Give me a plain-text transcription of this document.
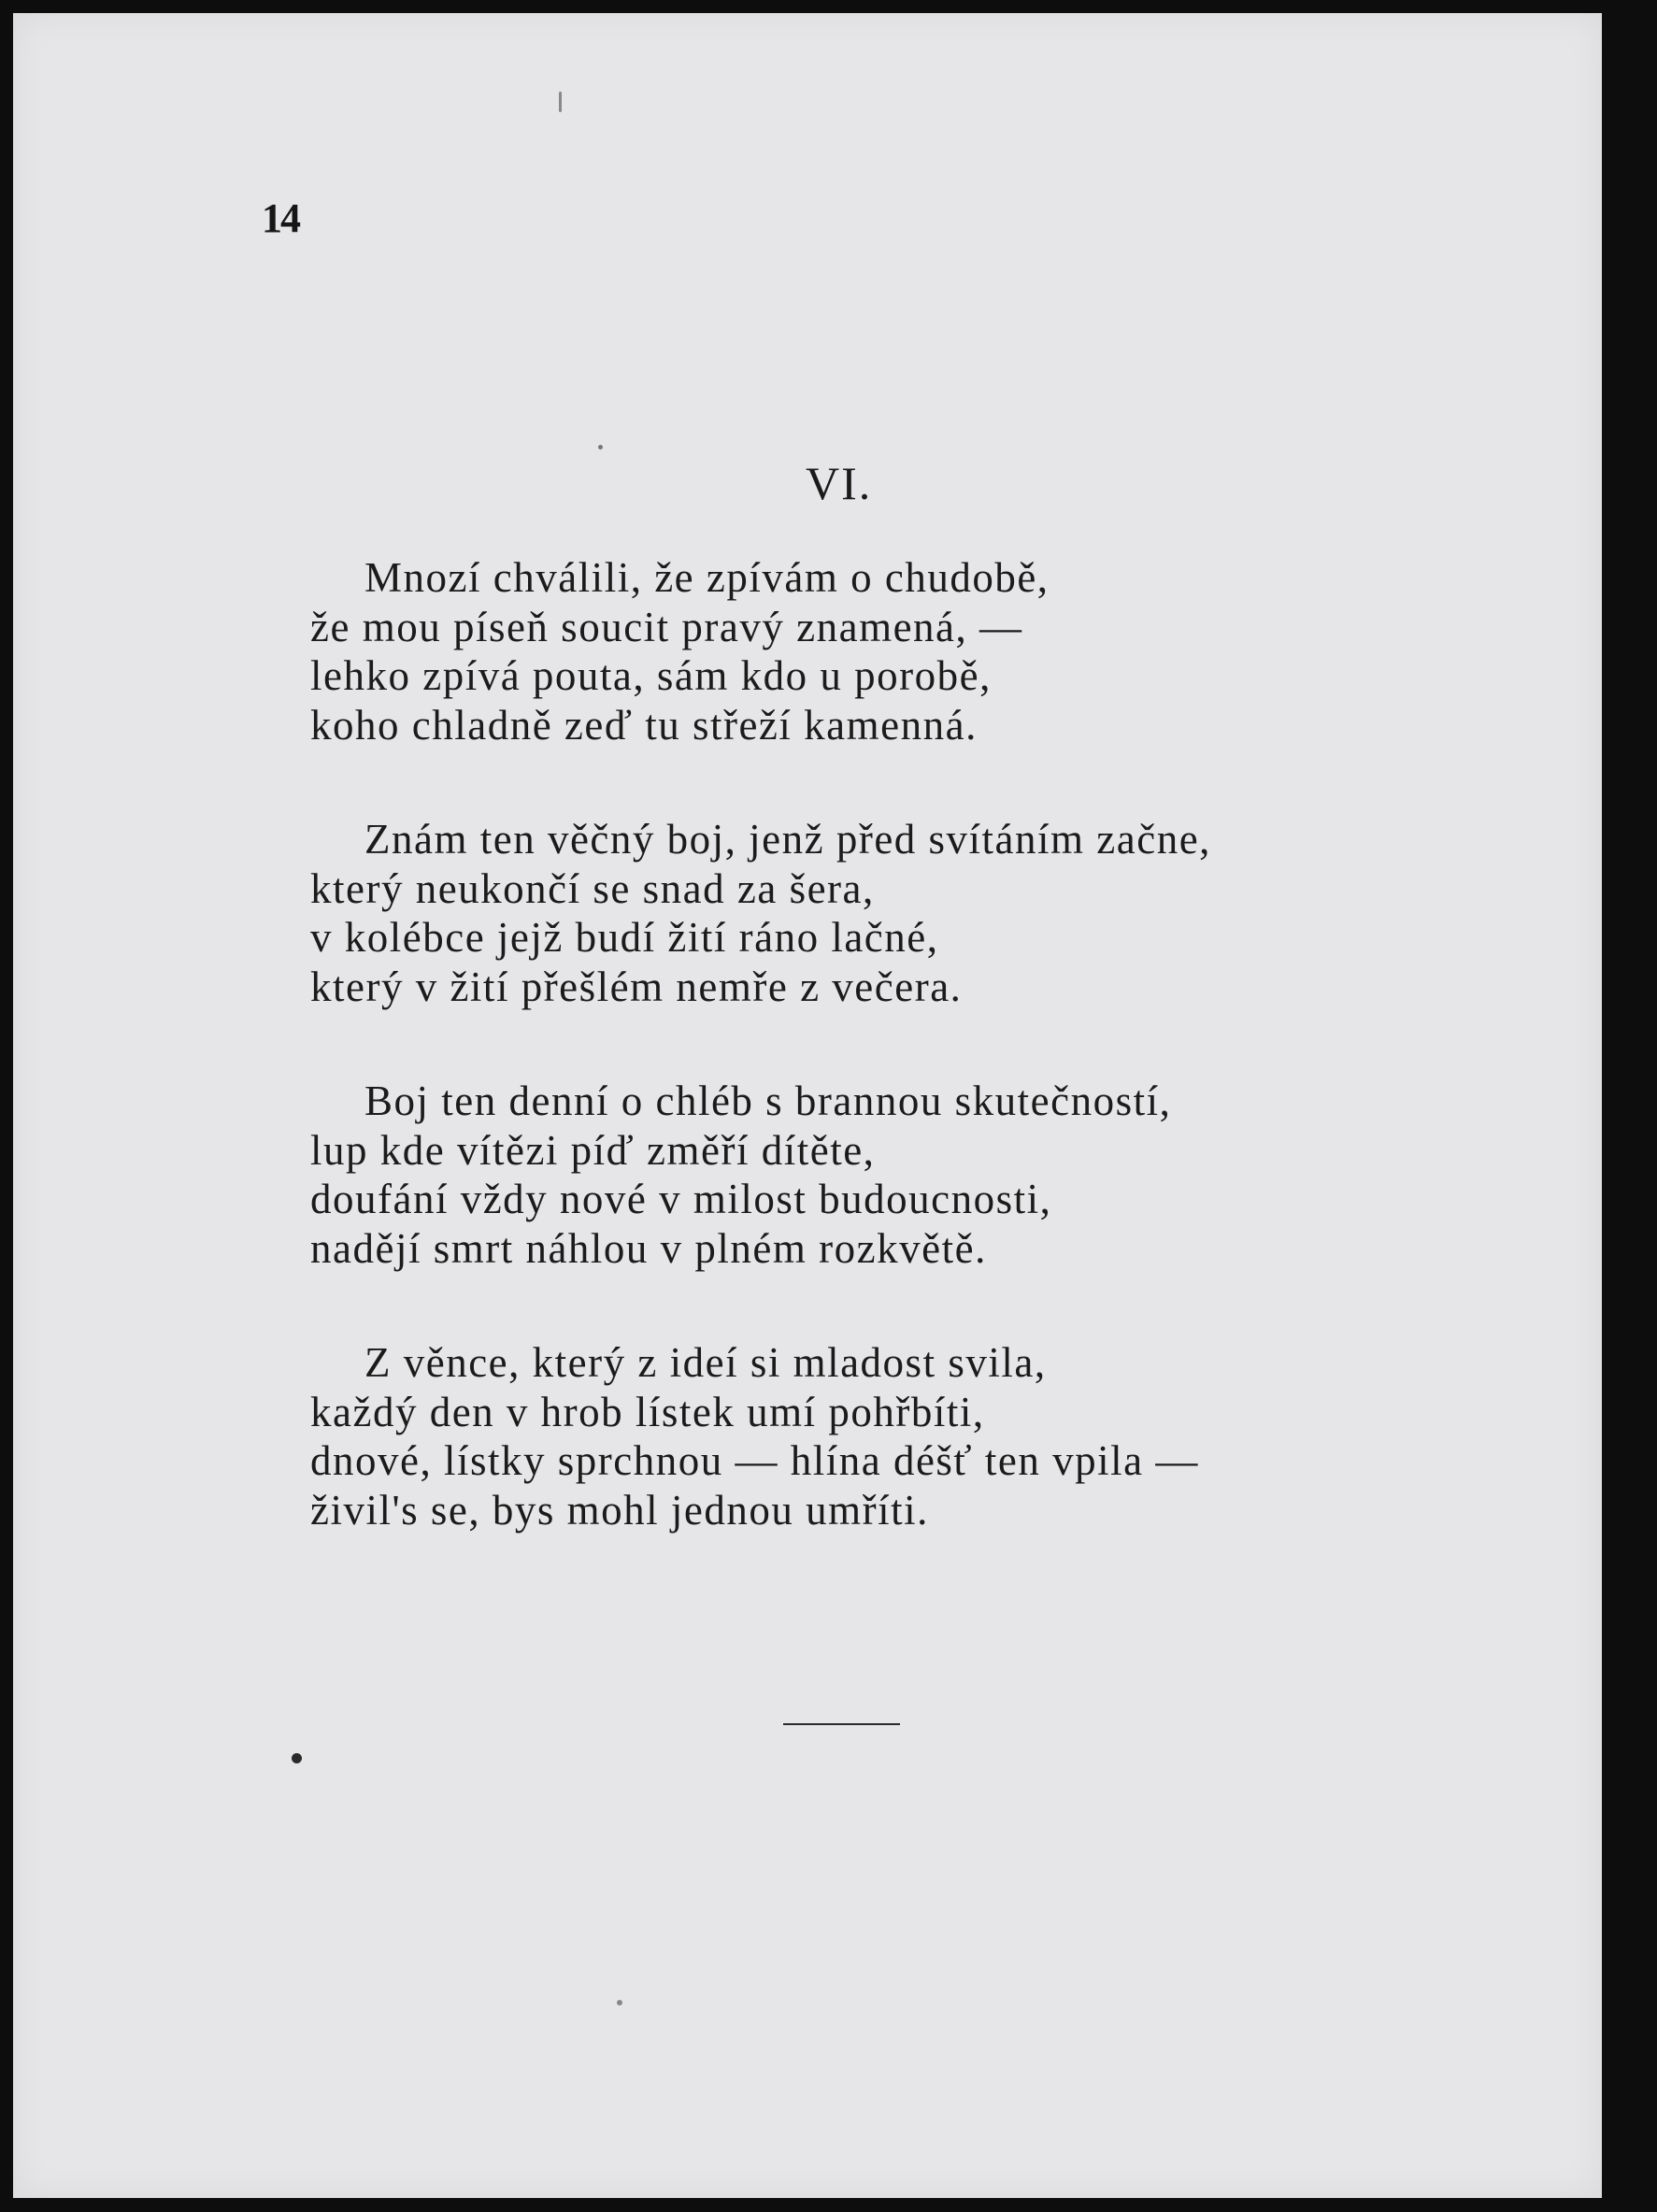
14
VI.
Mnozí chválili, že zpívám o chudobě,
že mou píseň soucit pravý znamená, —
lehko zpívá pouta, sám kdo u porobě,
koho chladně zeď tu střeží kamenná.
Znám ten věčný boj, jenž před svítáním začne,
který neukončí se snad za šera,
v kolébce jejž budí žití ráno lačné,
který v žití přešlém nemře z večera.
Boj ten denní o chléb s brannou skutečností,
lup kde vítězi píď změří dítěte,
doufání vždy nové v milost budoucnosti,
nadějí smrt náhlou v plném rozkvětě.
Z věnce, který z ideí si mladost svila,
každý den v hrob lístek umí pohřbíti,
dnové, lístky sprchnou — hlína déšť ten vpila —
živil's se, bys mohl jednou umříti.
